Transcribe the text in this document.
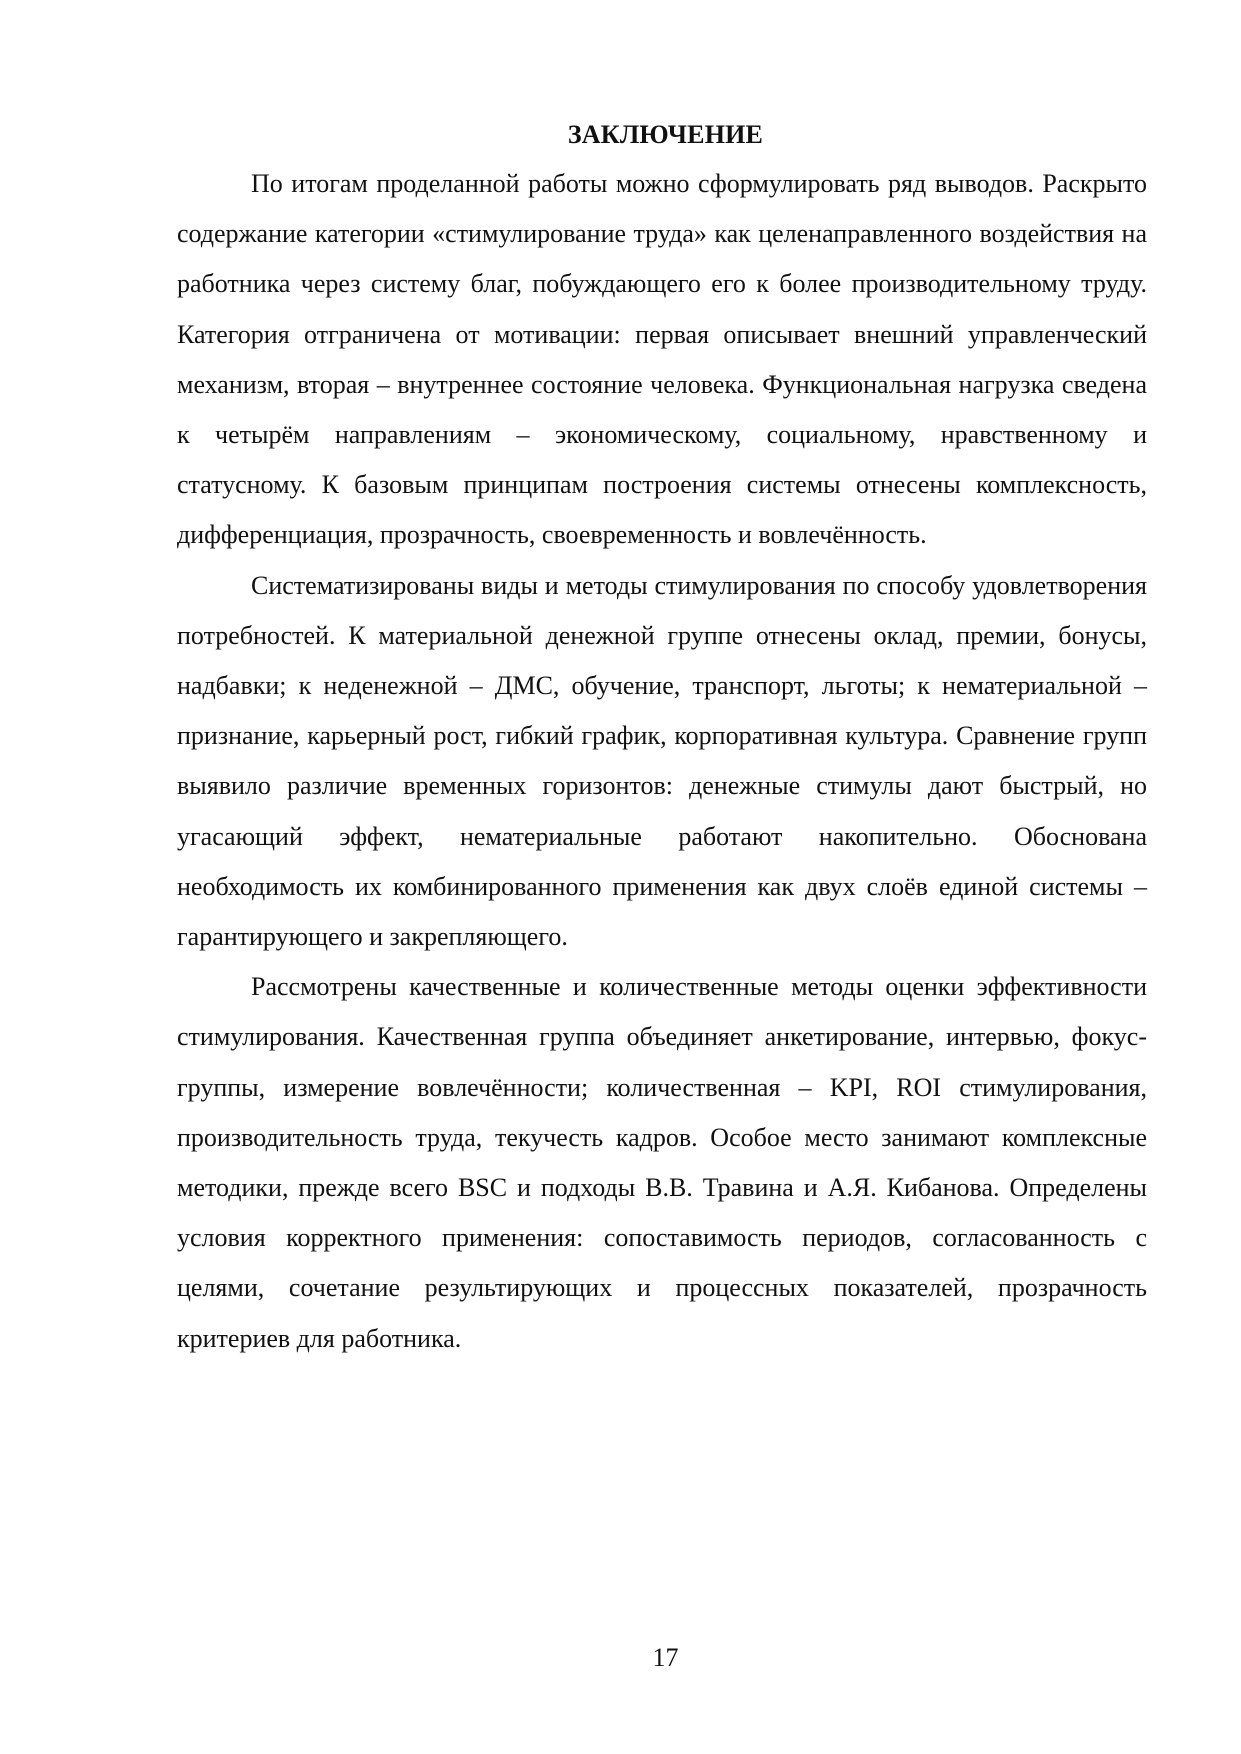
ЗАКЛЮЧЕНИЕ

По итогам проделанной работы можно сформулировать ряд выводов. Раскрыто содержание категории «стимулирование труда» как целенаправленного воздействия на работника через систему благ, побуждающего его к более производительному труду. Категория отграничена от мотивации: первая описывает внешний управленческий механизм, вторая – внутреннее состояние человека. Функциональная нагрузка сведена к четырём направлениям – экономическому, социальному, нравственному и статусному. К базовым принципам построения системы отнесены комплексность, дифференциация, прозрачность, своевременность и вовлечённость.

Систематизированы виды и методы стимулирования по способу удовлетворения потребностей. К материальной денежной группе отнесены оклад, премии, бонусы, надбавки; к неденежной – ДМС, обучение, транспорт, льготы; к нематериальной – признание, карьерный рост, гибкий график, корпоративная культура. Сравнение групп выявило различие временных горизонтов: денежные стимулы дают быстрый, но угасающий эффект, нематериальные работают накопительно. Обоснована необходимость их комбинированного применения как двух слоёв единой системы – гарантирующего и закрепляющего.

Рассмотрены качественные и количественные методы оценки эффективности стимулирования. Качественная группа объединяет анкетирование, интервью, фокус-группы, измерение вовлечённости; количественная – KPI, ROI стимулирования, производительность труда, текучесть кадров. Особое место занимают комплексные методики, прежде всего BSC и подходы В.В. Травина и А.Я. Кибанова. Определены условия корректного применения: сопоставимость периодов, согласованность с целями, сочетание результирующих и процессных показателей, прозрачность критериев для работника.

17
